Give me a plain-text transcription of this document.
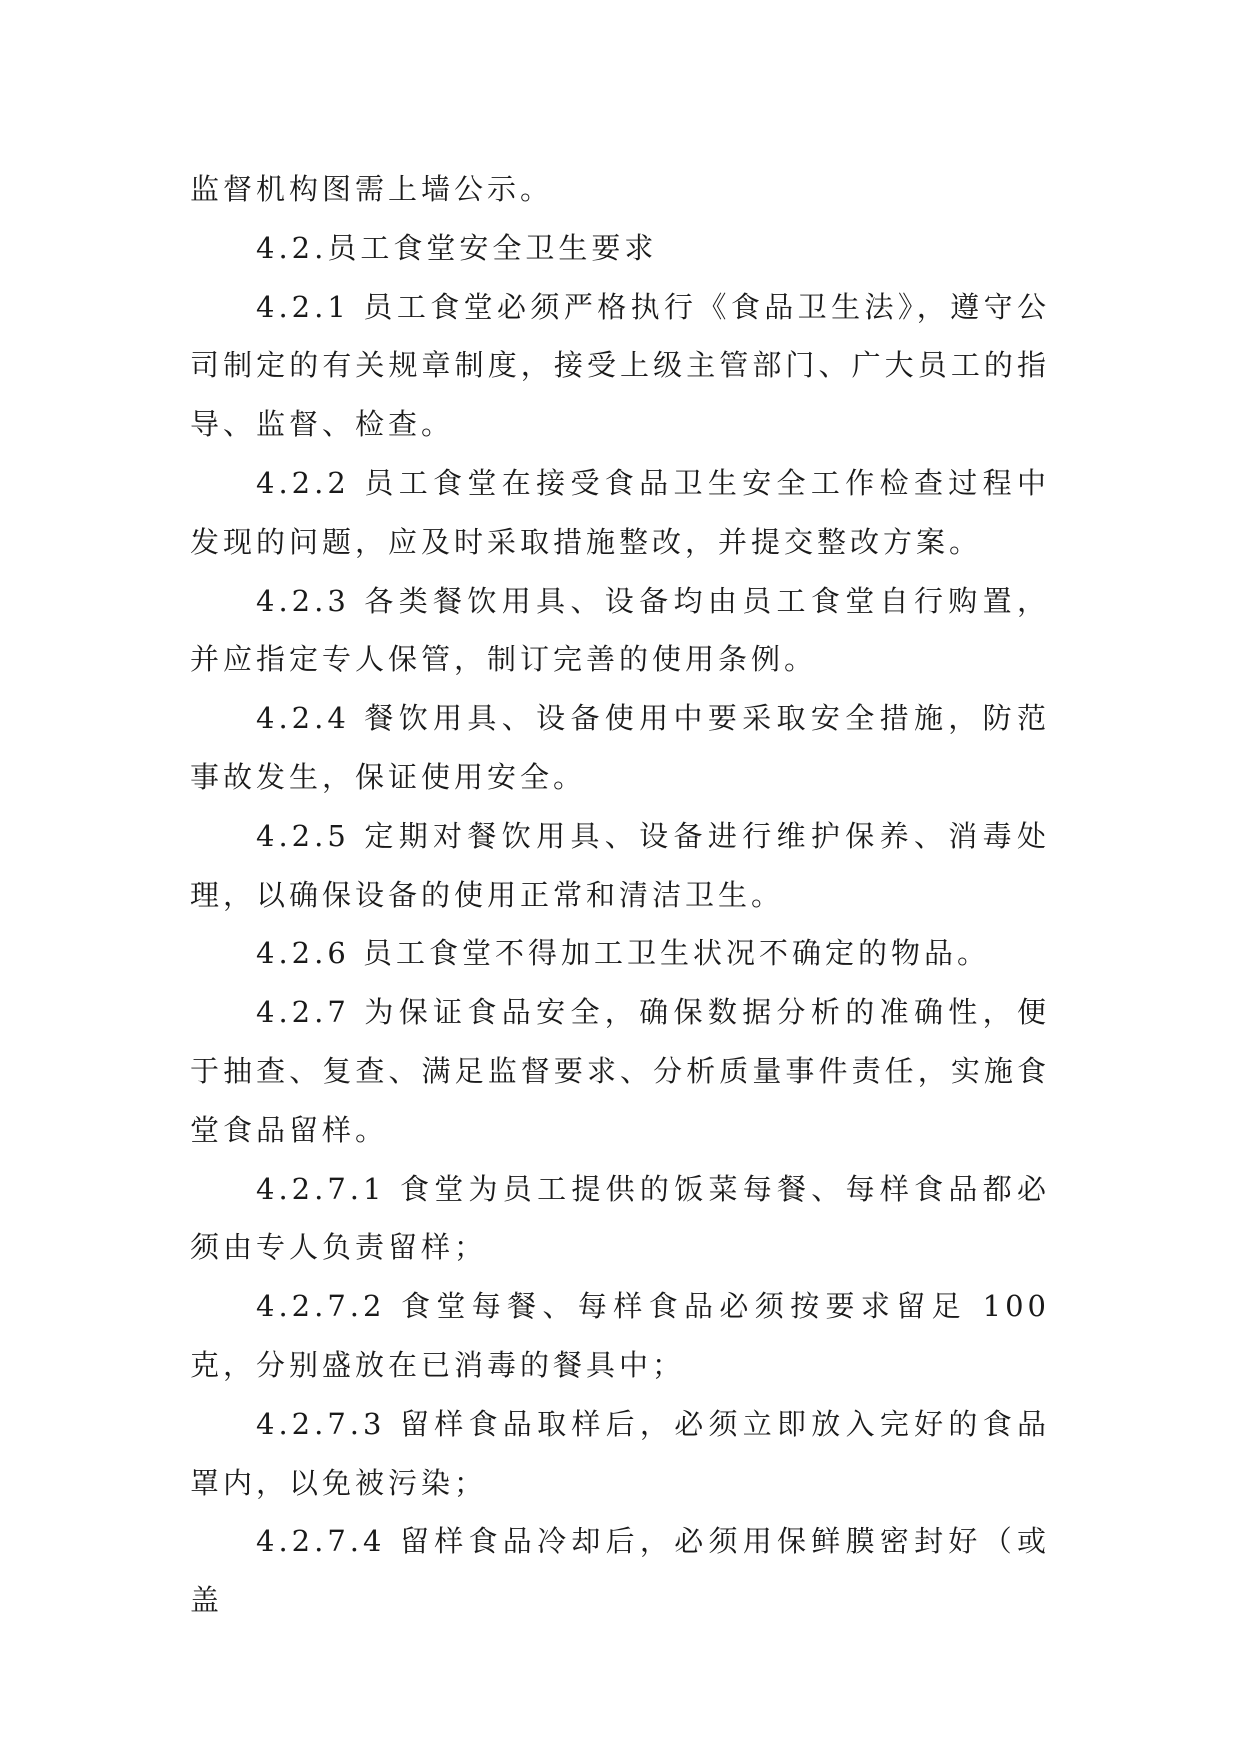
监督机构图需上墙公示。

4.2.员工食堂安全卫生要求

4.2.1 员工食堂必须严格执行《食品卫生法》，遵守公司制定的有关规章制度，接受上级主管部门、广大员工的指导、监督、检查。

4.2.2 员工食堂在接受食品卫生安全工作检查过程中发现的问题，应及时采取措施整改，并提交整改方案。

4.2.3 各类餐饮用具、设备均由员工食堂自行购置，并应指定专人保管，制订完善的使用条例。

4.2.4 餐饮用具、设备使用中要采取安全措施，防范事故发生，保证使用安全。

4.2.5 定期对餐饮用具、设备进行维护保养、消毒处理，以确保设备的使用正常和清洁卫生。

4.2.6 员工食堂不得加工卫生状况不确定的物品。

4.2.7 为保证食品安全，确保数据分析的准确性，便于抽查、复查、满足监督要求、分析质量事件责任，实施食堂食品留样。

4.2.7.1 食堂为员工提供的饭菜每餐、每样食品都必须由专人负责留样；

4.2.7.2 食堂每餐、每样食品必须按要求留足 100 克，分别盛放在已消毒的餐具中；

4.2.7.3 留样食品取样后，必须立即放入完好的食品罩内，以免被污染；

4.2.7.4 留样食品冷却后，必须用保鲜膜密封好（或盖
